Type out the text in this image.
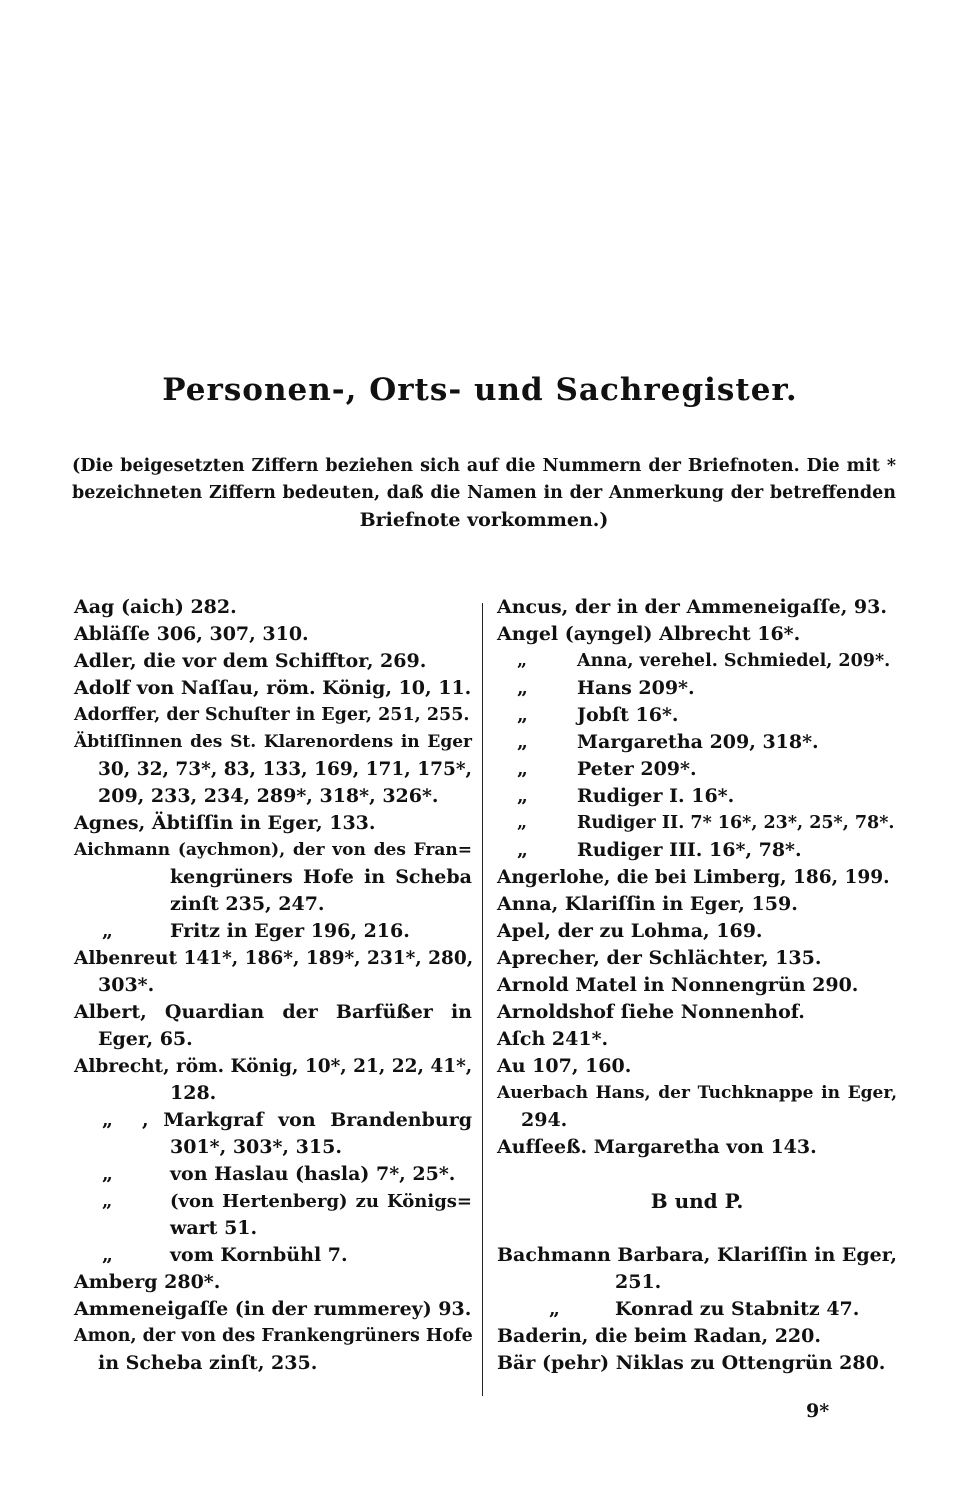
Personen-, Orts- und Sachregister.
(Die beigesetzten Ziffern beziehen sich auf die Nummern der Briefnoten. Die mit *
bezeichneten Ziffern bedeuten, daß die Namen in der Anmerkung der betreffenden
Briefnote vorkommen.)
Aag (aich) 282.
Abläſſe 306, 307, 310.
Adler, die vor dem Schifftor, 269.
Adolf von Naſſau, röm. König, 10, 11.
Adorffer, der Schuſter in Eger, 251, 255.
Äbtiſſinnen des St. Klarenordens in Eger
30, 32, 73*, 83, 133, 169, 171, 175*,
209, 233, 234, 289*, 318*, 326*.
Agnes, Äbtiſſin in Eger, 133.
Aichmann (aychmon), der von des Fran=
kengrüners Hofe in Scheba
zinſt 235, 247.
„	Fritz in Eger 196, 216.
Albenreut 141*, 186*, 189*, 231*, 280,
303*.
Albert, Quardian der Barfüßer in
Eger, 65.
Albrecht, röm. König, 10*, 21, 22, 41*,
128.
„ , Markgraf von Brandenburg
301*, 303*, 315.
„	von Haslau (hasla) 7*, 25*.
„	(von Hertenberg) zu Königs=
wart 51.
„	vom Kornbühl 7.
Amberg 280*.
Ammeneigaſſe (in der rummerey) 93.
Amon, der von des Frankengrüners Hofe
in Scheba zinſt, 235.
Ancus, der in der Ammeneigaſſe, 93.
Angel (ayngel) Albrecht 16*.
„	Anna, verehel. Schmiedel, 209*.
„	Hans 209*.
„	Jobſt 16*.
„	Margaretha 209, 318*.
„	Peter 209*.
„	Rudiger I. 16*.
„	Rudiger II. 7* 16*, 23*, 25*, 78*.
„	Rudiger III. 16*, 78*.
Angerlohe, die bei Limberg, 186, 199.
Anna, Klariſſin in Eger, 159.
Apel, der zu Lohma, 169.
Aprecher, der Schlächter, 135.
Arnold Matel in Nonnengrün 290.
Arnoldshof ſiehe Nonnenhof.
Aſch 241*.
Au 107, 160.
Auerbach Hans, der Tuchknappe in Eger,
294.
Aufſeeß. Margaretha von 143.
B und P.
Bachmann Barbara, Klariſſin in Eger,
251.
„	Konrad zu Stabnitz 47.
Baderin, die beim Radan, 220.
Bär (pehr) Niklas zu Ottengrün 280.
9*
